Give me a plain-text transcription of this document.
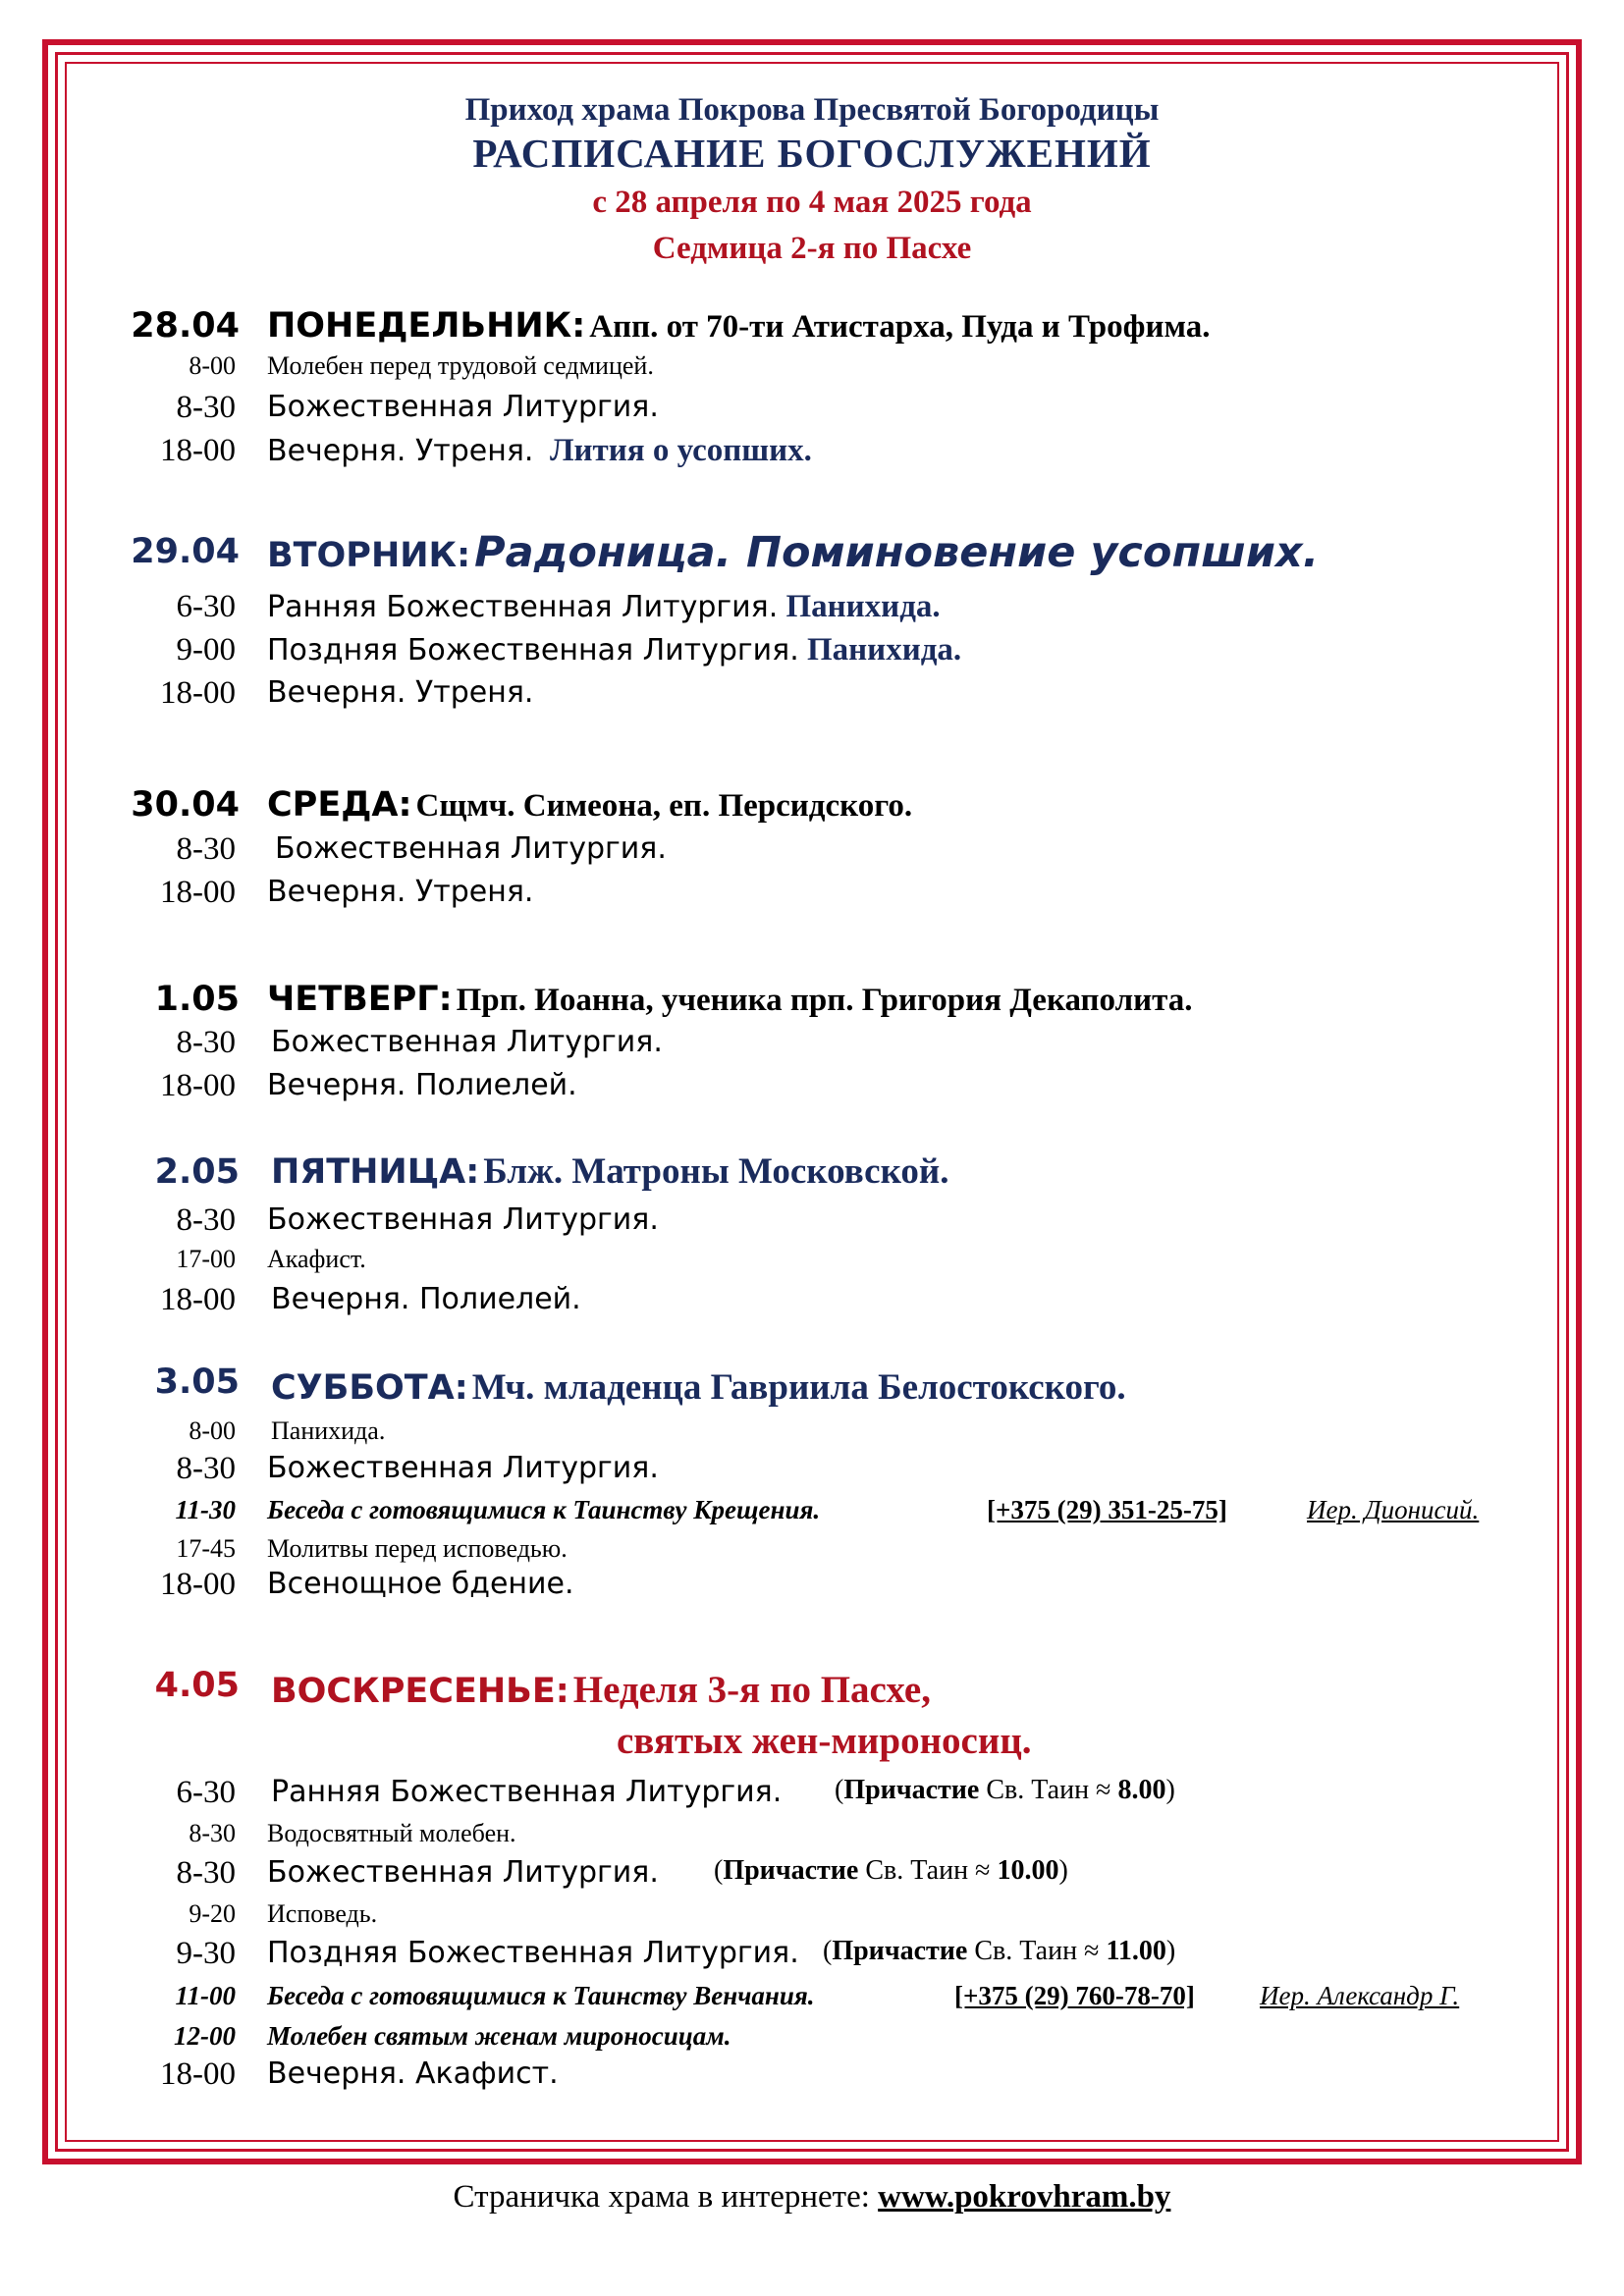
Приход храма Покрова Пресвятой Богородицы
РАСПИСАНИЕ БОГОСЛУЖЕНИЙ
с 28 апреля по 4 мая 2025 года
Седмица 2-я по Пасхе
28.04 ПОНЕДЕЛЬНИК: Апп. от 70-ти Атистарха, Пуда и Трофима.
8-00 Молебен перед трудовой седмицей.
8-30 Божественная Литургия.
18-00 Вечерня. Утреня. Лития о усопших.
29.04 ВТОРНИК: Радоница. Поминовение усопших.
6-30 Ранняя Божественная Литургия. Панихида.
9-00 Поздняя Божественная Литургия. Панихида.
18-00 Вечерня. Утреня.
30.04 СРЕДА: Сщмч. Симеона, еп. Персидского.
8-30 Божественная Литургия.
18-00 Вечерня. Утреня.
1.05 ЧЕТВЕРГ: Прп. Иоанна, ученика прп. Григория Декаполита.
8-30 Божественная Литургия.
18-00 Вечерня. Полиелей.
2.05 ПЯТНИЦА: Блж. Матроны Московской.
8-30 Божественная Литургия.
17-00 Акафист.
18-00 Вечерня. Полиелей.
3.05 СУББОТА: Мч. младенца Гавриила Белостокского.
8-00 Панихида.
8-30 Божественная Литургия.
11-30 Беседа с готовящимися к Таинству Крещения.	[+375 (29) 351-25-75]	Иер. Дионисий.
17-45 Молитвы перед исповедью.
18-00 Всенощное бдение.
4.05 ВОСКРЕСЕНЬЕ: Неделя 3-я по Пасхе,
святых жен-мироносиц.
6-30 Ранняя Божественная Литургия. (Причастие Св. Таин ≈ 8.00)
8-30 Водосвятный молебен.
8-30 Божественная Литургия. (Причастие Св. Таин ≈ 10.00)
9-20 Исповедь.
9-30 Поздняя Божественная Литургия. (Причастие Св. Таин ≈ 11.00)
11-00 Беседа с готовящимися к Таинству Венчания.	[+375 (29) 760-78-70] Иер. Александр Г.
12-00 Молебен святым женам мироносицам.
18-00 Вечерня. Акафист.
Страничка храма в интернете: www.pokrovhram.by
